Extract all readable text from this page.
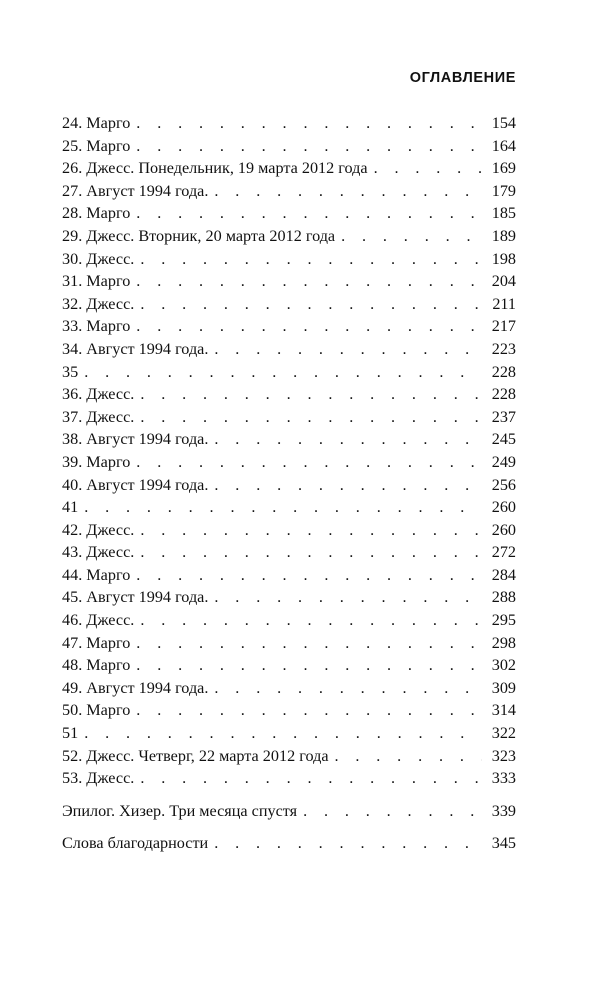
ОГЛАВЛЕНИЕ
24. Марго . . .	154
25. Марго . . .	164
26. Джесс. Понедельник, 19 марта 2012 года . . .	169
27. Август 1994 года. . . .	179
28. Марго . . .	185
29. Джесс. Вторник, 20 марта 2012 года . . .	189
30. Джесс. . . .	198
31. Марго . . .	204
32. Джесс. . . .	211
33. Марго . . .	217
34. Август 1994 года. . . .	223
35 . . .	228
36. Джесс. . . .	228
37. Джесс. . . .	237
38. Август 1994 года. . . .	245
39. Марго . . .	249
40. Август 1994 года. . . .	256
41 . . .	260
42. Джесс. . . .	260
43. Джесс. . . .	272
44. Марго . . .	284
45. Август 1994 года. . . .	288
46. Джесс. . . .	295
47. Марго . . .	298
48. Марго . . .	302
49. Август 1994 года. . . .	309
50. Марго . . .	314
51 . . .	322
52. Джесс. Четверг, 22 марта 2012 года . . .	323
53. Джесс. . . .	333
Эпилог. Хизер. Три месяца спустя . . .	339
Слова благодарности . . .	345
